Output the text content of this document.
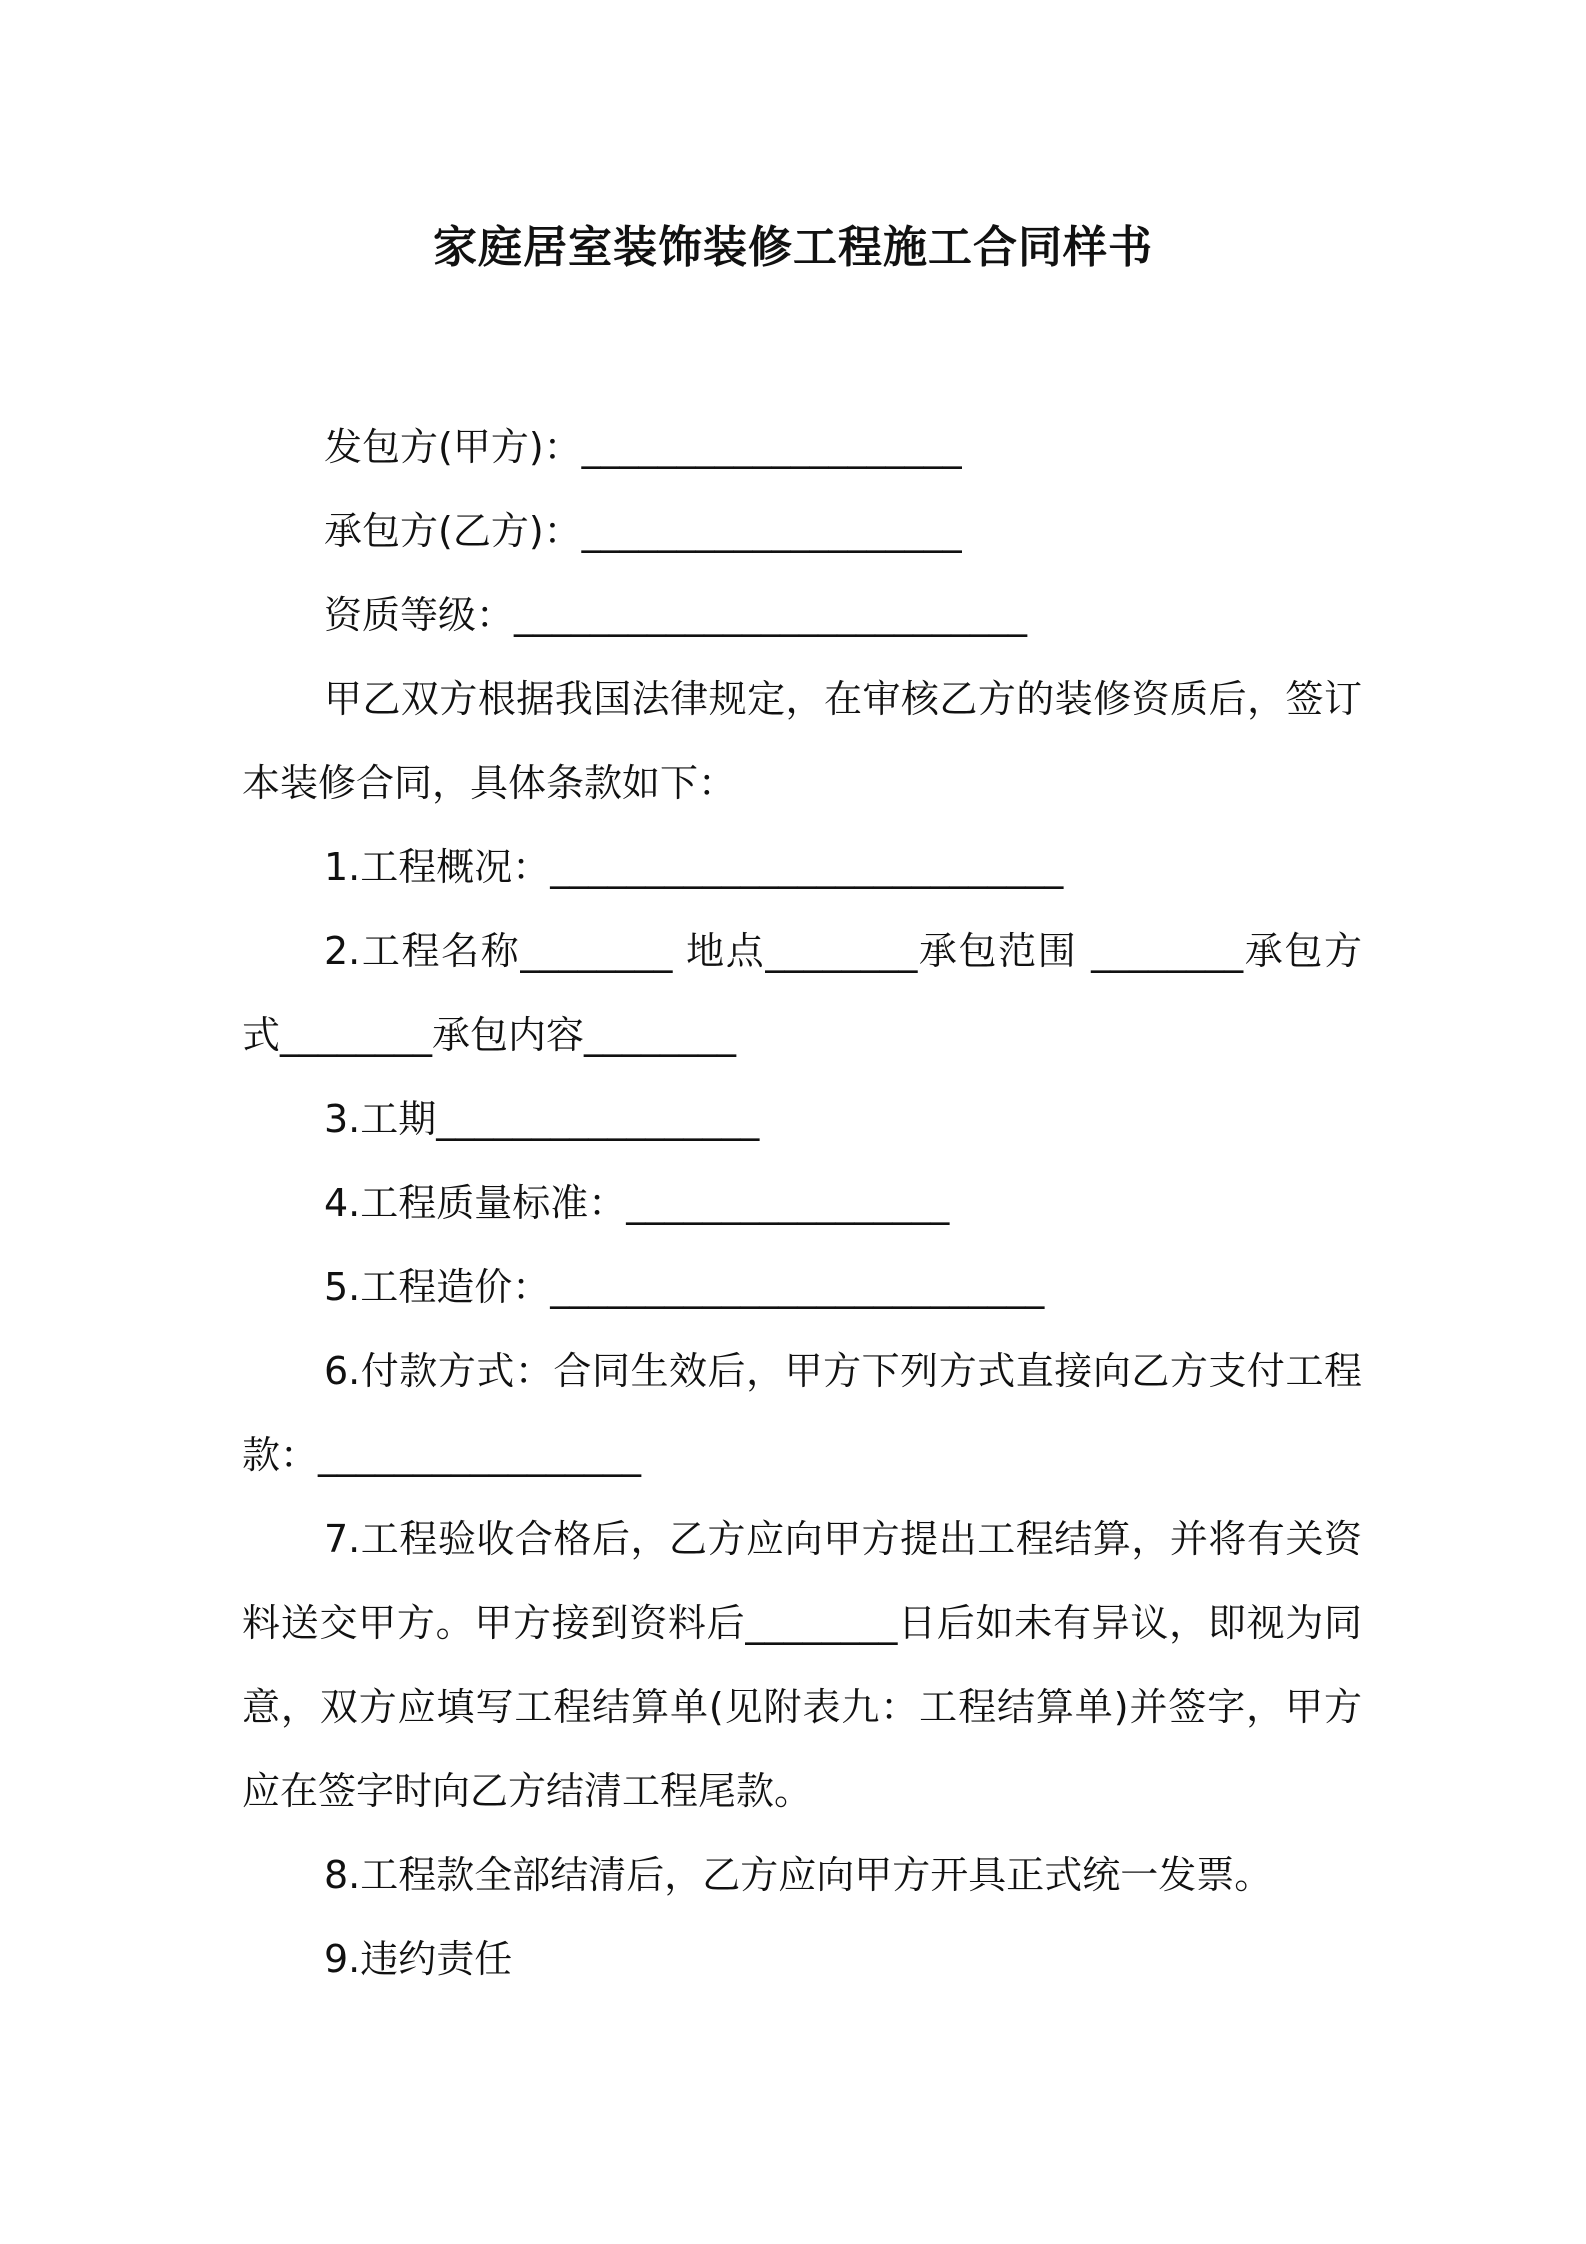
家庭居室装饰装修工程施工合同样书

发包方(甲方)：____________________

承包方(乙方)：____________________

资质等级：___________________________

甲乙双方根据我国法律规定，在审核乙方的装修资质后，签订本装修合同，具体条款如下：

1.工程概况：___________________________

2.工程名称________ 地点________承包范围 ________承包方式________承包内容________

3.工期_________________

4.工程质量标准：_________________

5.工程造价：__________________________

6.付款方式：合同生效后，甲方下列方式直接向乙方支付工程款：_________________

7.工程验收合格后，乙方应向甲方提出工程结算，并将有关资料送交甲方。甲方接到资料后________日后如未有异议，即视为同意，双方应填写工程结算单(见附表九：工程结算单)并签字，甲方应在签字时向乙方结清工程尾款。

8.工程款全部结清后，乙方应向甲方开具正式统一发票。

9.违约责任
